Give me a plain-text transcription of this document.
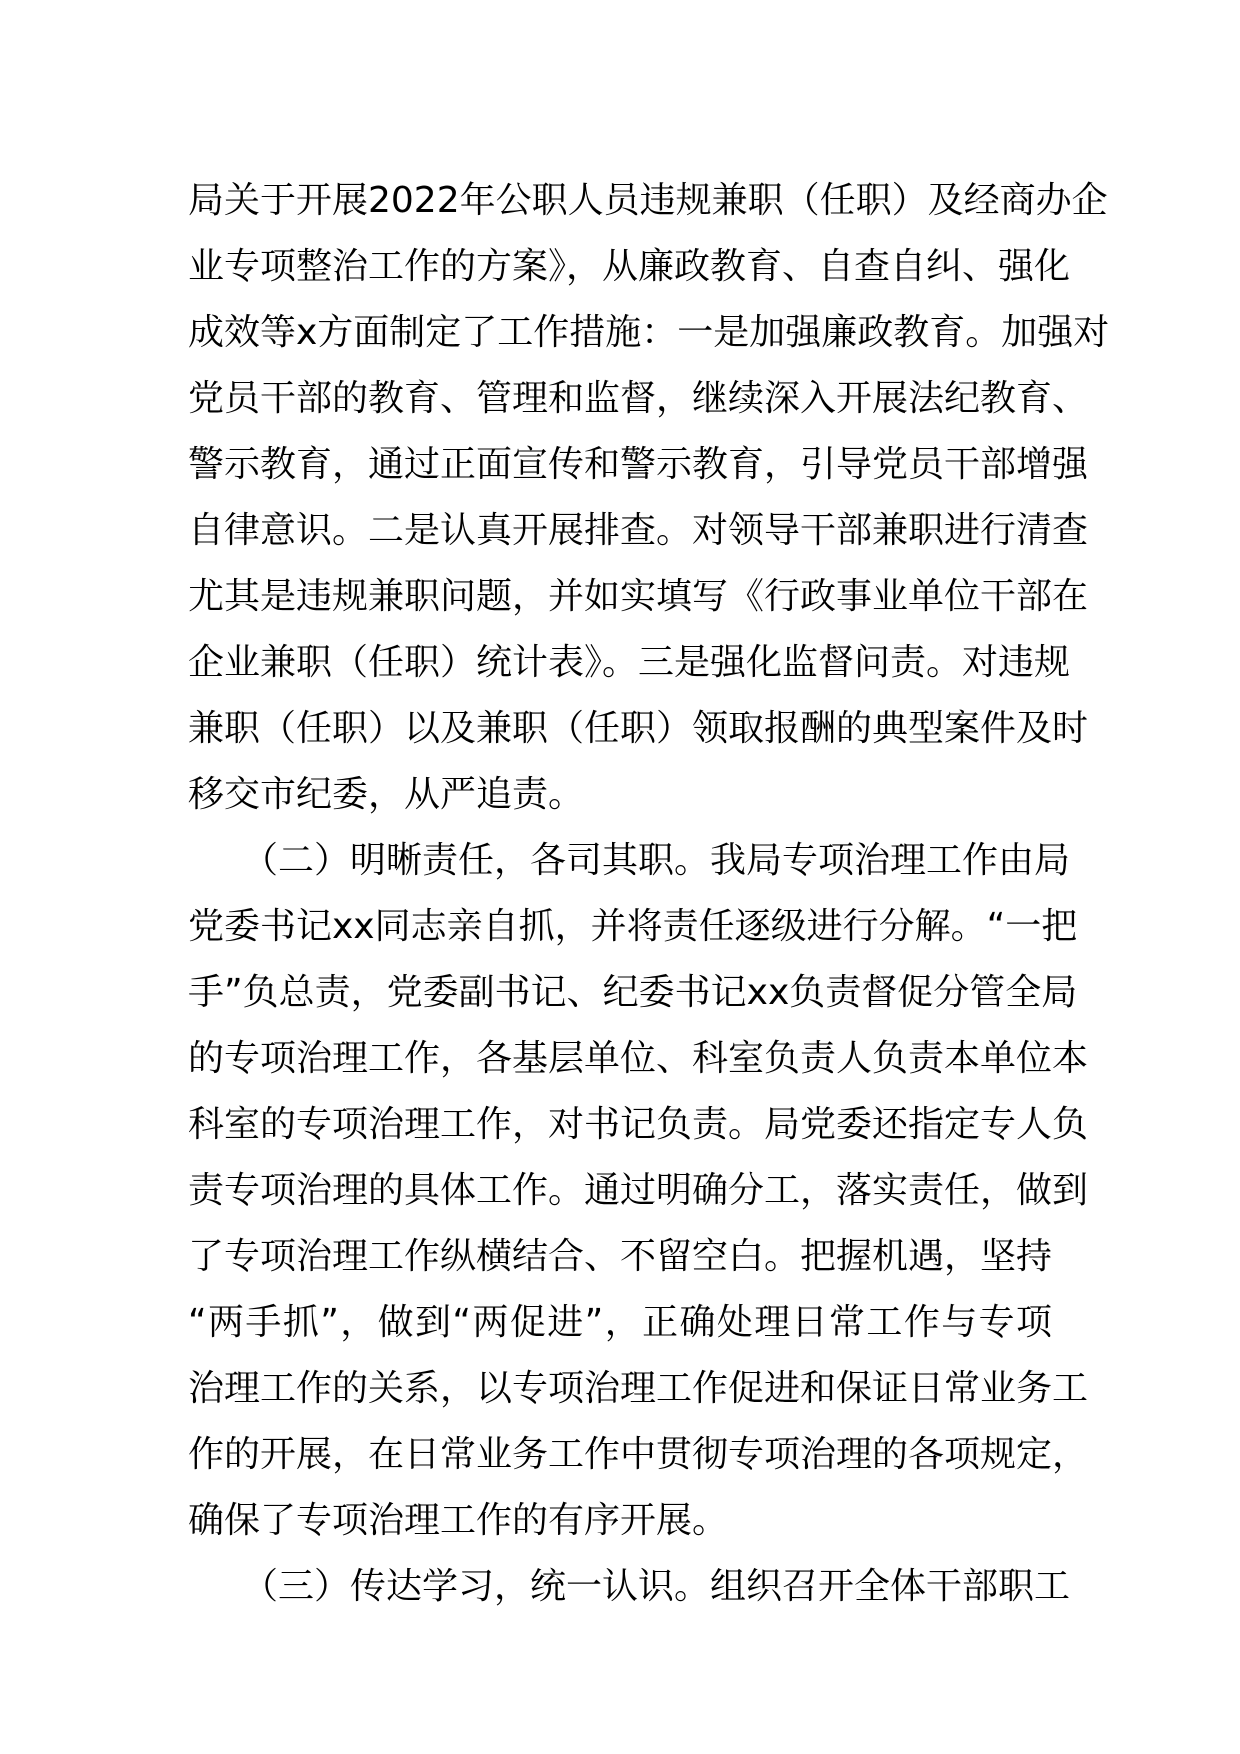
局关于开展2022年公职人员违规兼职（任职）及经商办企
业专项整治工作的方案》，从廉政教育、自查自纠、强化
成效等x方面制定了工作措施：一是加强廉政教育。加强对
党员干部的教育、管理和监督，继续深入开展法纪教育、
警示教育，通过正面宣传和警示教育，引导党员干部增强
自律意识。二是认真开展排查。对领导干部兼职进行清查
尤其是违规兼职问题，并如实填写《行政事业单位干部在
企业兼职（任职）统计表》。三是强化监督问责。对违规
兼职（任职）以及兼职（任职）领取报酬的典型案件及时
移交市纪委，从严追责。
　　（二）明晰责任，各司其职。我局专项治理工作由局
党委书记xx同志亲自抓，并将责任逐级进行分解。“一把
手”负总责，党委副书记、纪委书记xx负责督促分管全局
的专项治理工作，各基层单位、科室负责人负责本单位本
科室的专项治理工作，对书记负责。局党委还指定专人负
责专项治理的具体工作。通过明确分工，落实责任，做到
了专项治理工作纵横结合、不留空白。把握机遇，坚持
“两手抓”，做到“两促进”，正确处理日常工作与专项
治理工作的关系，以专项治理工作促进和保证日常业务工
作的开展，在日常业务工作中贯彻专项治理的各项规定，
确保了专项治理工作的有序开展。
　　（三）传达学习，统一认识。组织召开全体干部职工
